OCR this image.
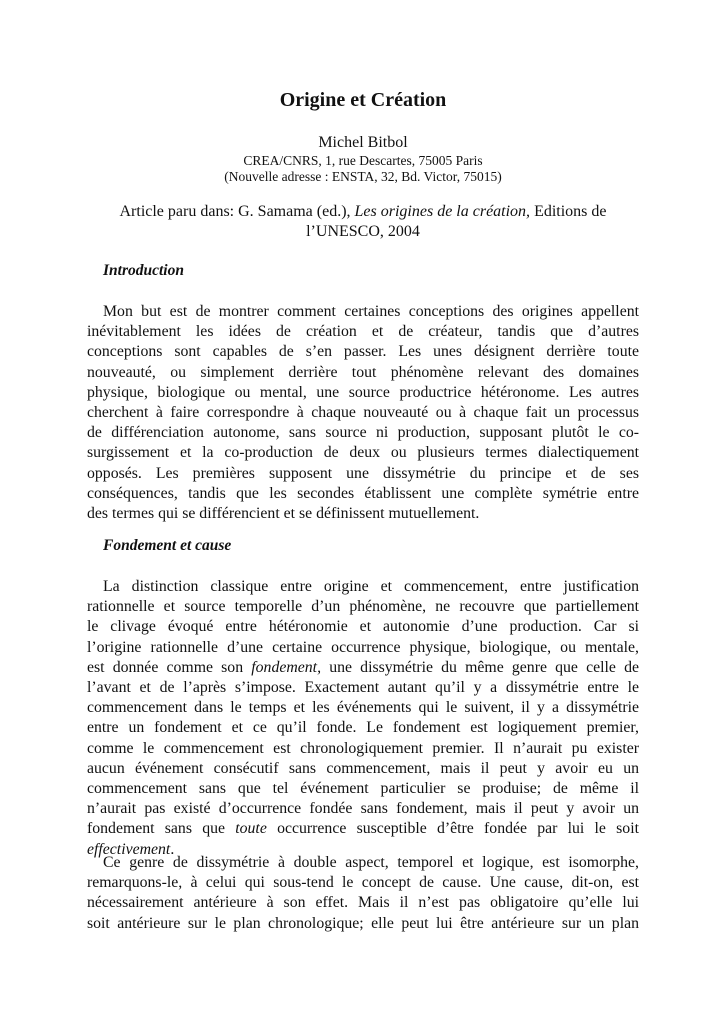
Origine et Création
Michel Bitbol
CREA/CNRS, 1, rue Descartes, 75005 Paris
(Nouvelle adresse : ENSTA, 32, Bd. Victor, 75015)
Article paru dans: G. Samama (ed.), Les origines de la création, Editions de
l’UNESCO, 2004
Introduction
Mon but est de montrer comment certaines conceptions des origines appellent
inévitablement les idées de création et de créateur, tandis que d’autres
conceptions sont capables de s’en passer. Les unes désignent derrière toute
nouveauté, ou simplement derrière tout phénomène relevant des domaines
physique, biologique ou mental, une source productrice hétéronome. Les autres
cherchent à faire correspondre à chaque nouveauté ou à chaque fait un processus
de différenciation autonome, sans source ni production, supposant plutôt le co-
surgissement et la co-production de deux ou plusieurs termes dialectiquement
opposés. Les premières supposent une dissymétrie du principe et de ses
conséquences, tandis que les secondes établissent une complète symétrie entre
des termes qui se différencient et se définissent mutuellement.
Fondement et cause
La distinction classique entre origine et commencement, entre justification
rationnelle et source temporelle d’un phénomène, ne recouvre que partiellement
le clivage évoqué entre hétéronomie et autonomie d’une production. Car si
l’origine rationnelle d’une certaine occurrence physique, biologique, ou mentale,
est donnée comme son fondement, une dissymétrie du même genre que celle de
l’avant et de l’après s’impose. Exactement autant qu’il y a dissymétrie entre le
commencement dans le temps et les événements qui le suivent, il y a dissymétrie
entre un fondement et ce qu’il fonde. Le fondement est logiquement premier,
comme le commencement est chronologiquement premier. Il n’aurait pu exister
aucun événement consécutif sans commencement, mais il peut y avoir eu un
commencement sans que tel événement particulier se produise; de même il
n’aurait pas existé d’occurrence fondée sans fondement, mais il peut y avoir un
fondement sans que toute occurrence susceptible d’être fondée par lui le soit
effectivement.
Ce genre de dissymétrie à double aspect, temporel et logique, est isomorphe,
remarquons-le, à celui qui sous-tend le concept de cause. Une cause, dit-on, est
nécessairement antérieure à son effet. Mais il n’est pas obligatoire qu’elle lui
soit antérieure sur le plan chronologique; elle peut lui être antérieure sur un plan
